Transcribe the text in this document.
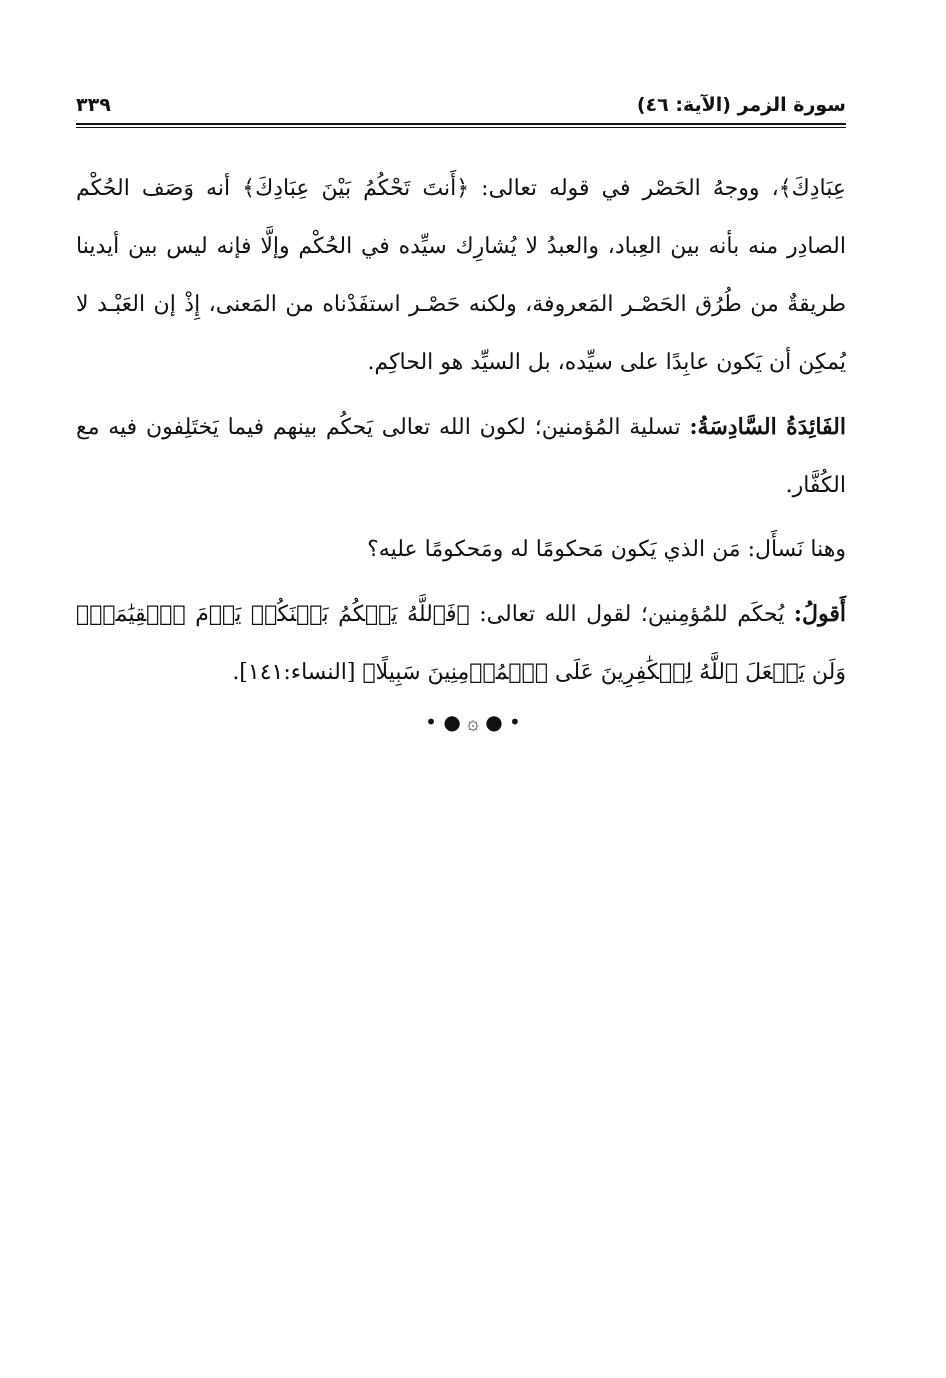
سورة الزمر (الآية: ٤٦)
٣٣٩

عِبَادِكَ﴾، ووجهُ الحَصْر في قوله تعالى: ﴿أَنتَ تَحْكُمُ بَيْنَ عِبَادِكَ﴾ أنه وَصَف الحُكْم الصادِر منه بأنه بين العِباد، والعبدُ لا يُشارِك سيِّده في الحُكْم وإلَّا فإنه ليس بين أيدينا طريقةٌ من طُرُق الحَصْـر المَعروفة، ولكنه حَصْـر استفَدْناه من المَعنى، إِذْ إن العَبْـد لا يُمكِن أن يَكون عابِدًا على سيِّده، بل السيِّد هو الحاكِم.

الفَائِدَةُ السَّادِسَةُ: تسلية المُؤمنين؛ لكون الله تعالى يَحكُم بينهم فيما يَختَلِفون فيه مع الكُفَّار.

وهنا نَسأَل: مَن الذي يَكون مَحكومًا له ومَحكومًا عليه؟

أَقولُ: يُحكَم للمُؤمِنين؛ لقول الله تعالى: ﴿فَٱللَّهُ يَحۡكُمُ بَيۡنَكُمۡ يَوۡمَ ٱلۡقِيَٰمَةِۗ وَلَن يَجۡعَلَ ٱللَّهُ لِلۡكَٰفِرِينَ عَلَى ٱلۡمُؤۡمِنِينَ سَبِيلًا﴾ [النساء:١٤١].

• ● ۞ ● •
